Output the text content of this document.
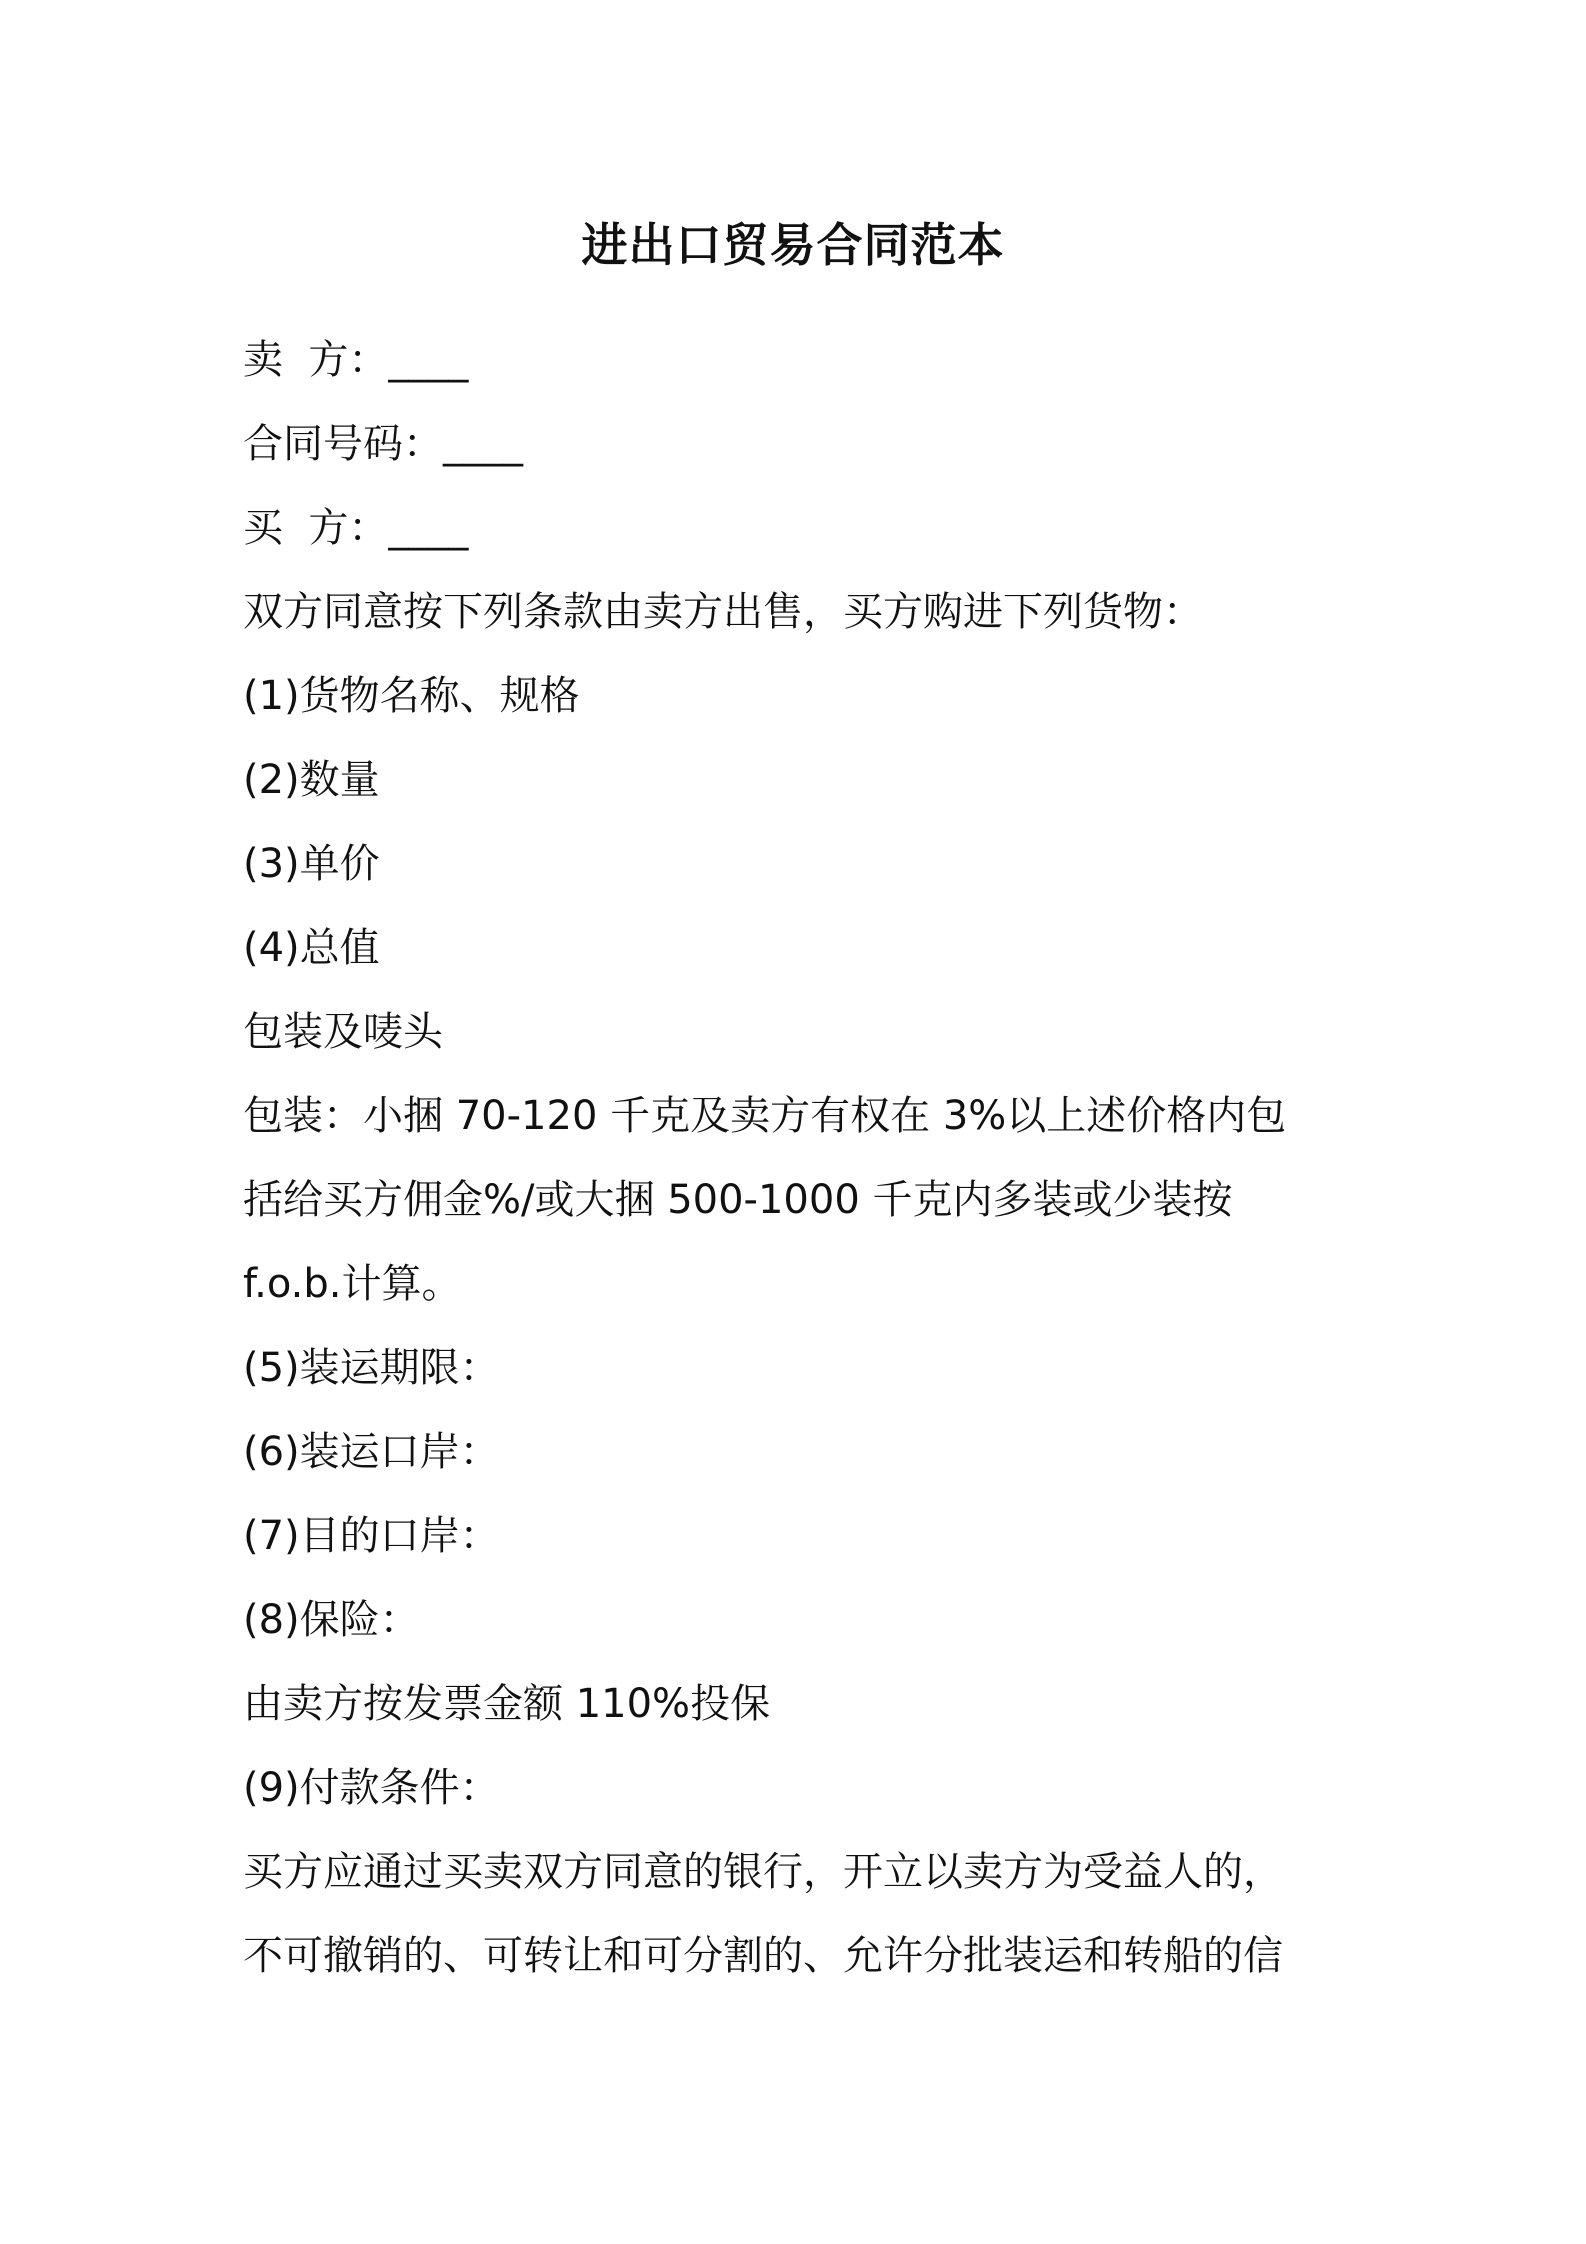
进出口贸易合同范本
卖  方：____
合同号码：____
买  方：____
双方同意按下列条款由卖方出售，买方购进下列货物：
(1)货物名称、规格
(2)数量
(3)单价
(4)总值
包装及唛头
包装：小捆 70-120 千克及卖方有权在 3%以上述价格内包
括给买方佣金%/或大捆 500-1000 千克内多装或少装按
f.o.b.计算。
(5)装运期限：
(6)装运口岸：
(7)目的口岸：
(8)保险：
由卖方按发票金额 110%投保
(9)付款条件：
买方应通过买卖双方同意的银行，开立以卖方为受益人的，
不可撤销的、可转让和可分割的、允许分批装运和转船的信
